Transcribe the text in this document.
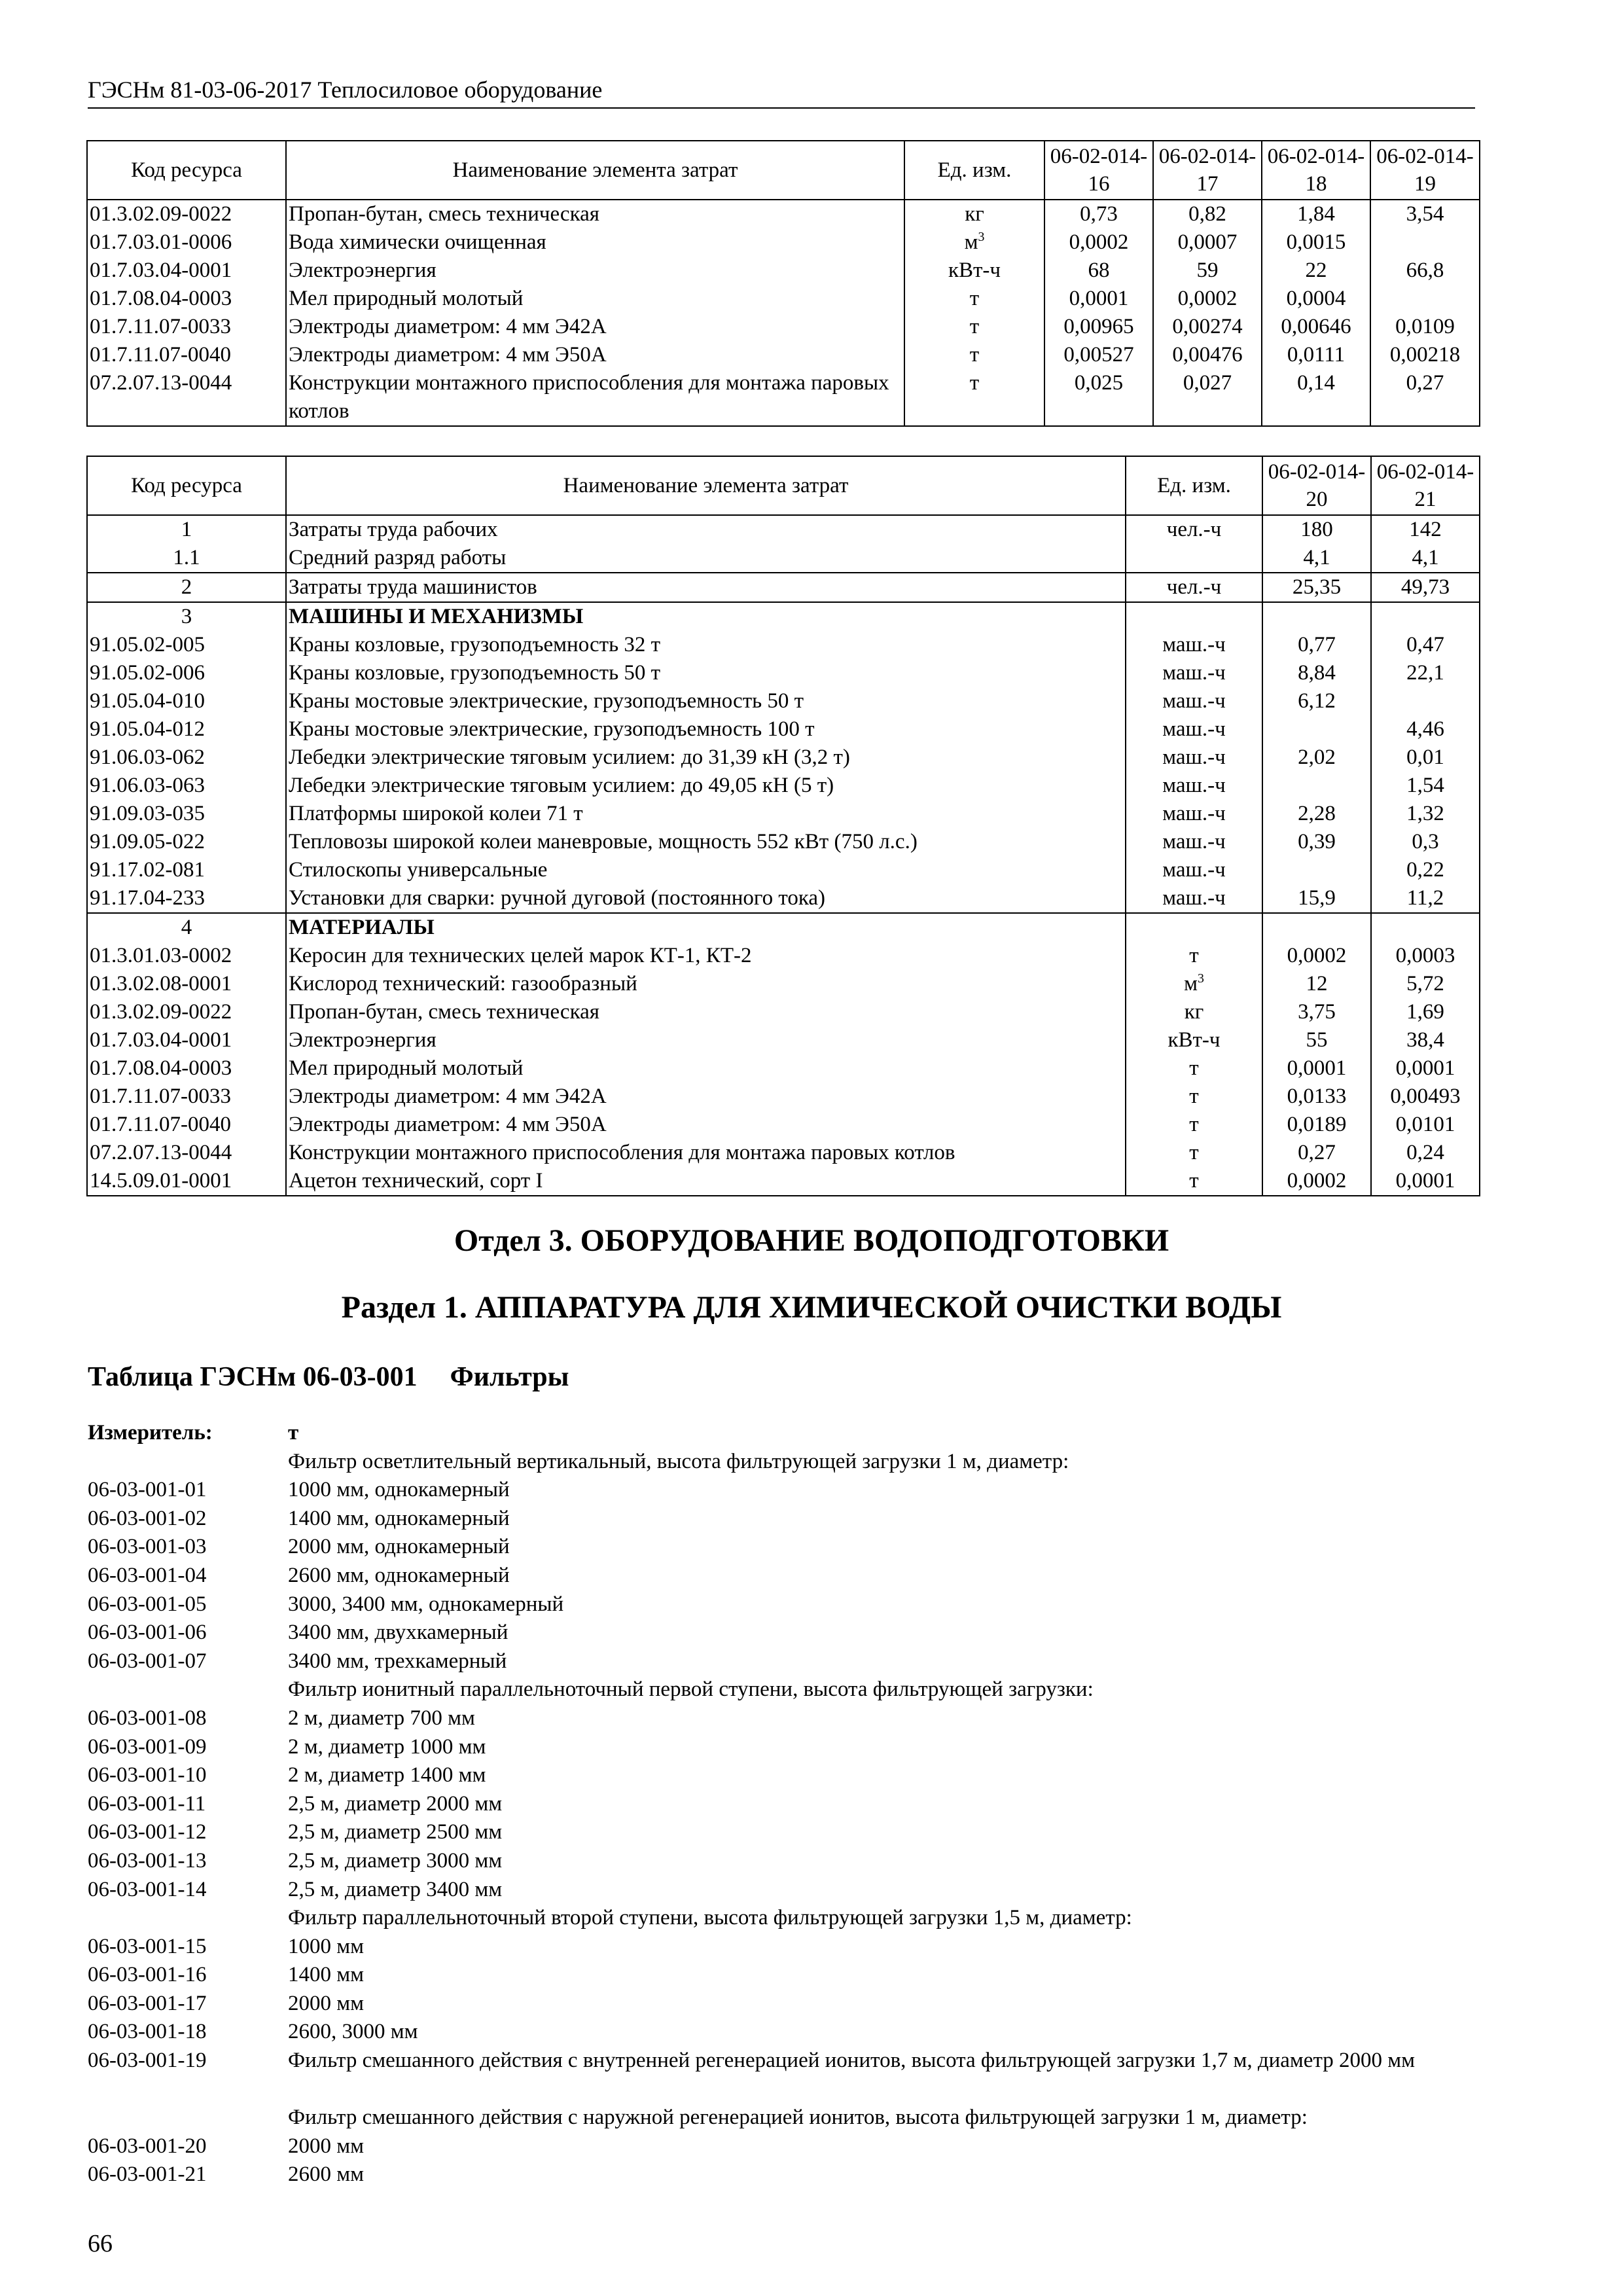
ГЭСНм 81-03-06-2017 Теплосиловое оборудование
Код ресурса	Наименование элемента затрат	Ед. изм.	06-02-014-16	06-02-014-17	06-02-014-18	06-02-014-19
01.3.02.09-0022	Пропан-бутан, смесь техническая	кг	0,73	0,82	1,84	3,54
01.7.03.01-0006	Вода химически очищенная	$м^3$	0,0002	0,0007	0,0015	
01.7.03.04-0001	Электроэнергия	кВт-ч	68	59	22	66,8
01.7.08.04-0003	Мел природный молотый	т	0,0001	0,0002	0,0004	
01.7.11.07-0033	Электроды диаметром: 4 мм Э42А	т	0,00965	0,00274	0,00646	0,0109
01.7.11.07-0040	Электроды диаметром: 4 мм Э50А	т	0,00527	0,00476	0,0111	0,00218
07.2.07.13-0044	Конструкции монтажного приспособления для монтажа паровых котлов	т	0,025	0,027	0,14	0,27
Код ресурса	Наименование элемента затрат	Ед. изм.	06-02-014-20	06-02-014-21
1	Затраты труда рабочих	чел.-ч	180	142
1.1	Средний разряд работы		4,1	4,1
2	Затраты труда машинистов	чел.-ч	25,35	49,73
3	МАШИНЫ И МЕХАНИЗМЫ			
91.05.02-005	Краны козловые, грузоподъемность 32 т	маш.-ч	0,77	0,47
91.05.02-006	Краны козловые, грузоподъемность 50 т	маш.-ч	8,84	22,1
91.05.04-010	Краны мостовые электрические, грузоподъемность 50 т	маш.-ч	6,12	
91.05.04-012	Краны мостовые электрические, грузоподъемность 100 т	маш.-ч		4,46
91.06.03-062	Лебедки электрические тяговым усилием: до 31,39 кН (3,2 т)	маш.-ч	2,02	0,01
91.06.03-063	Лебедки электрические тяговым усилием: до 49,05 кН (5 т)	маш.-ч		1,54
91.09.03-035	Платформы широкой колеи 71 т	маш.-ч	2,28	1,32
91.09.05-022	Тепловозы широкой колеи маневровые, мощность 552 кВт (750 л.с.)	маш.-ч	0,39	0,3
91.17.02-081	Стилоскопы универсальные	маш.-ч		0,22
91.17.04-233	Установки для сварки: ручной дуговой (постоянного тока)	маш.-ч	15,9	11,2
4	МАТЕРИАЛЫ			
01.3.01.03-0002	Керосин для технических целей марок КТ-1, КТ-2	т	0,0002	0,0003
01.3.02.08-0001	Кислород технический: газообразный	$м^3$	12	5,72
01.3.02.09-0022	Пропан-бутан, смесь техническая	кг	3,75	1,69
01.7.03.04-0001	Электроэнергия	кВт-ч	55	38,4
01.7.08.04-0003	Мел природный молотый	т	0,0001	0,0001
01.7.11.07-0033	Электроды диаметром: 4 мм Э42А	т	0,0133	0,00493
01.7.11.07-0040	Электроды диаметром: 4 мм Э50А	т	0,0189	0,0101
07.2.07.13-0044	Конструкции монтажного приспособления для монтажа паровых котлов	т	0,27	0,24
14.5.09.01-0001	Ацетон технический, сорт I	т	0,0002	0,0001
Отдел 3. ОБОРУДОВАНИЕ ВОДОПОДГОТОВКИ
Раздел 1. АППАРАТУРА ДЛЯ ХИМИЧЕСКОЙ ОЧИСТКИ ВОДЫ
Таблица ГЭСНм 06-03-001 Фильтры
Измеритель:	т
Фильтр осветлительный вертикальный, высота фильтрующей загрузки 1 м, диаметр:
06-03-001-01	1000 мм, однокамерный
06-03-001-02	1400 мм, однокамерный
06-03-001-03	2000 мм, однокамерный
06-03-001-04	2600 мм, однокамерный
06-03-001-05	3000, 3400 мм, однокамерный
06-03-001-06	3400 мм, двухкамерный
06-03-001-07	3400 мм, трехкамерный
Фильтр ионитный параллельноточный первой ступени, высота фильтрующей загрузки:
06-03-001-08	2 м, диаметр 700 мм
06-03-001-09	2 м, диаметр 1000 мм
06-03-001-10	2 м, диаметр 1400 мм
06-03-001-11	2,5 м, диаметр 2000 мм
06-03-001-12	2,5 м, диаметр 2500 мм
06-03-001-13	2,5 м, диаметр 3000 мм
06-03-001-14	2,5 м, диаметр 3400 мм
Фильтр параллельноточный второй ступени, высота фильтрующей загрузки 1,5 м, диаметр:
06-03-001-15	1000 мм
06-03-001-16	1400 мм
06-03-001-17	2000 мм
06-03-001-18	2600, 3000 мм
06-03-001-19	Фильтр смешанного действия с внутренней регенерацией ионитов, высота фильтрующей загрузки 1,7 м, диаметр 2000 мм
Фильтр смешанного действия с наружной регенерацией ионитов, высота фильтрующей загрузки 1 м, диаметр:
06-03-001-20	2000 мм
06-03-001-21	2600 мм
66
